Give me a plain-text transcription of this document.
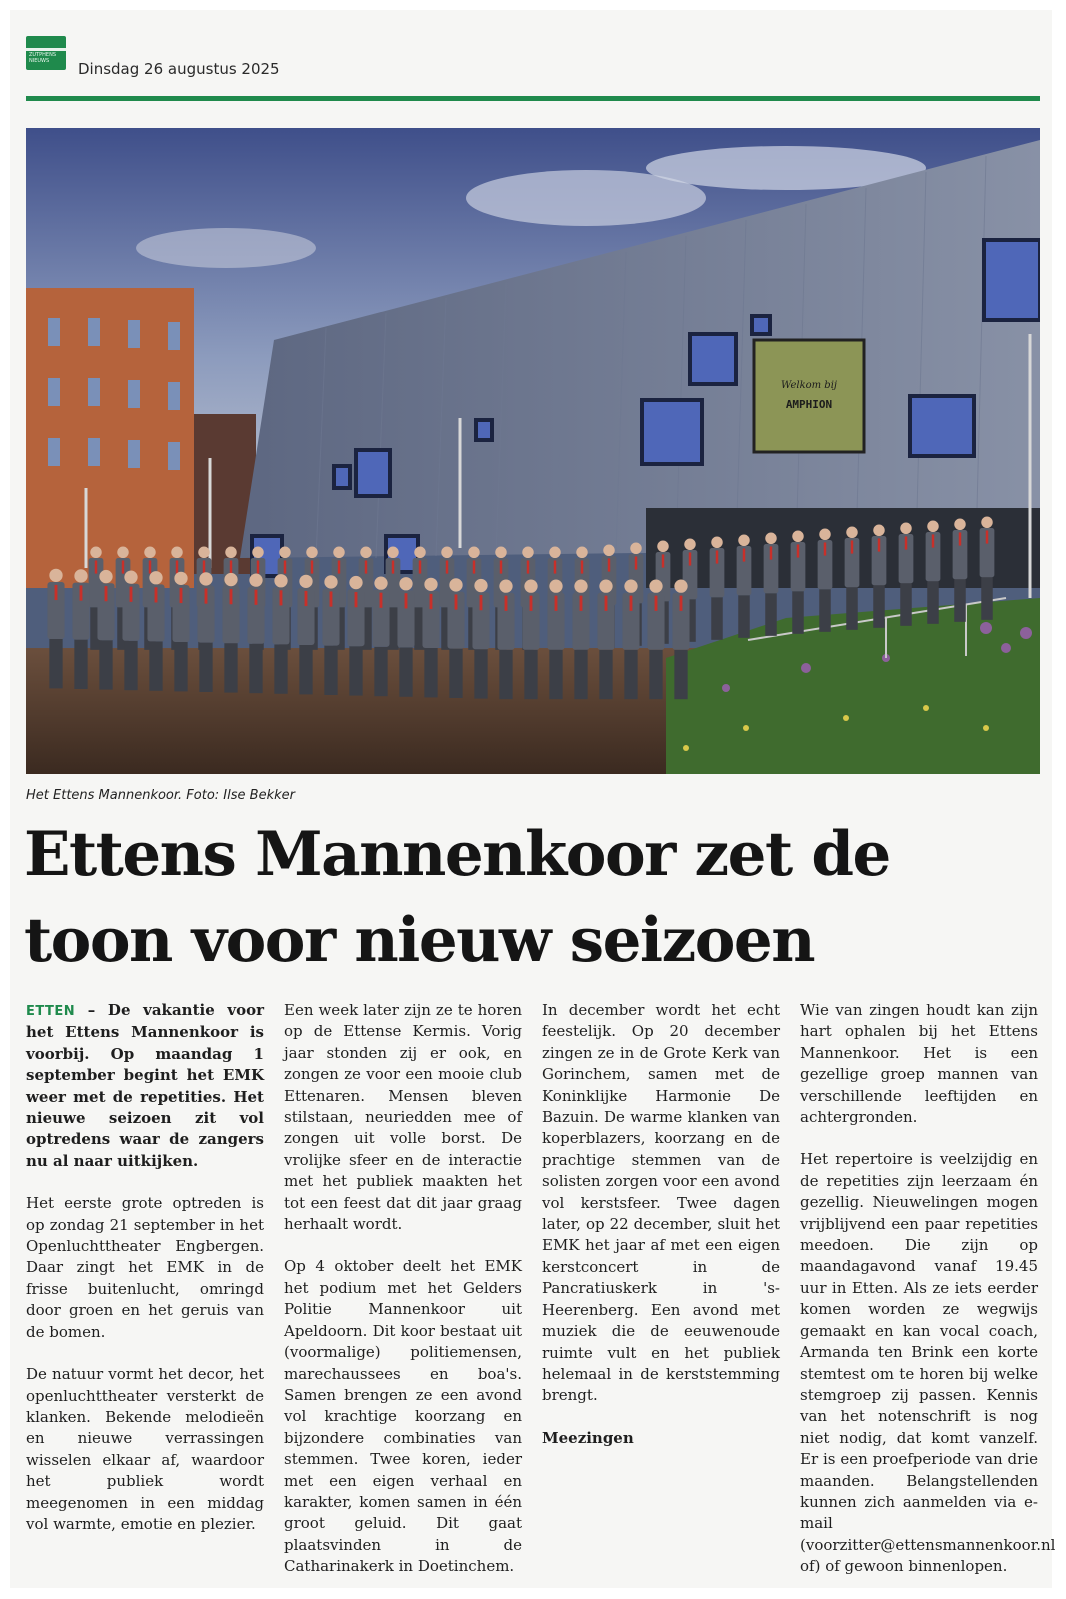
ZUTPHENS NIEUWS	Dinsdag 26 augustus 2025
Welkom bij
AMPHION
Het Ettens Mannenkoor. Foto: Ilse Bekker
Ettens Mannenkoor zet de
toon voor nieuw seizoen

ETTEN – De vakantie voor het Ettens Mannenkoor is voorbij. Op maandag 1 september begint het EMK weer met de repetities. Het nieuwe seizoen zit vol optredens waar de zangers nu al naar uitkijken.

Het eerste grote optreden is op zondag 21 september in het Openluchttheater Engbergen. Daar zingt het EMK in de frisse buitenlucht, omringd door groen en het geruis van de bomen.

De natuur vormt het decor, het openluchttheater versterkt de klanken. Bekende melodieën en nieuwe verrassingen wisselen elkaar af, waardoor het publiek wordt meegenomen in een middag vol warmte, emotie en plezier.

Een week later zijn ze te horen op de Ettense Kermis. Vorig jaar stonden zij er ook, en zongen ze voor een mooie club Ettenaren. Mensen bleven stilstaan, neuriedden mee of zongen uit volle borst. De vrolijke sfeer en de interactie met het publiek maakten het tot een feest dat dit jaar graag herhaalt wordt.

Op 4 oktober deelt het EMK het podium met het Gelders Politie Mannenkoor uit Apeldoorn. Dit koor bestaat uit (voormalige) politiemensen, marechaussees en boa's. Samen brengen ze een avond vol krachtige koorzang en bijzondere combinaties van stemmen. Twee koren, ieder met een eigen verhaal en karakter, komen samen in één groot geluid. Dit gaat plaatsvinden in de Catharinakerk in Doetinchem.

In december wordt het echt feestelijk. Op 20 december zingen ze in de Grote Kerk van Gorinchem, samen met de Koninklijke Harmonie De Bazuin. De warme klanken van koperblazers, koorzang en de prachtige stemmen van de solisten zorgen voor een avond vol kerstsfeer. Twee dagen later, op 22 december, sluit het EMK het jaar af met een eigen kerstconcert in de Pancratiuskerk in 's-Heerenberg. Een avond met muziek die de eeuwenoude ruimte vult en het publiek helemaal in de kerststemming brengt.

Meezingen

Wie van zingen houdt kan zijn hart ophalen bij het Ettens Mannenkoor. Het is een gezellige groep mannen van verschillende leeftijden en achtergronden.

Het repertoire is veelzijdig en de repetities zijn leerzaam én gezellig. Nieuwelingen mogen vrijblijvend een paar repetities meedoen. Die zijn op maandagavond vanaf 19.45 uur in Etten. Als ze iets eerder komen worden ze wegwijs gemaakt en kan vocal coach, Armanda ten Brink een korte stemtest om te horen bij welke stemgroep zij passen. Kennis van het notenschrift is nog niet nodig, dat komt vanzelf. Er is een proefperiode van drie maanden. Belangstellenden kunnen zich aanmelden via e-mail (voorzitter@ettensmannenkoor.nl of) of gewoon binnenlopen.
